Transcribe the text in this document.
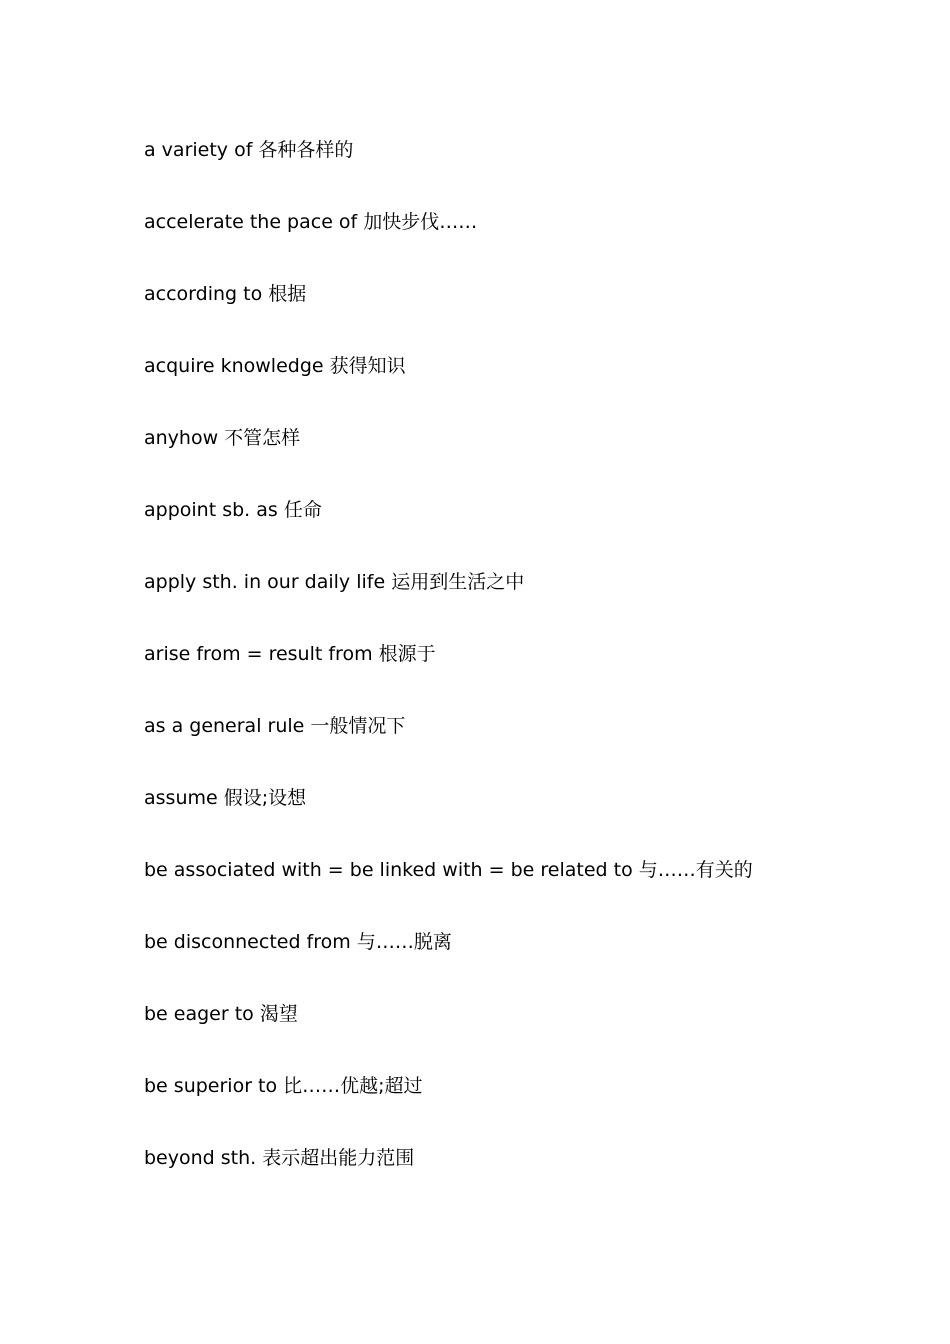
a variety of 各种各样的
accelerate the pace of 加快步伐……
according to 根据
acquire knowledge 获得知识
anyhow 不管怎样
appoint sb. as 任命
apply sth. in our daily life 运用到生活之中
arise from = result from 根源于
as a general rule 一般情况下
assume 假设;设想
be associated with = be linked with = be related to 与……有关的
be disconnected from 与……脱离
be eager to 渴望
be superior to 比……优越;超过
beyond sth. 表示超出能力范围
